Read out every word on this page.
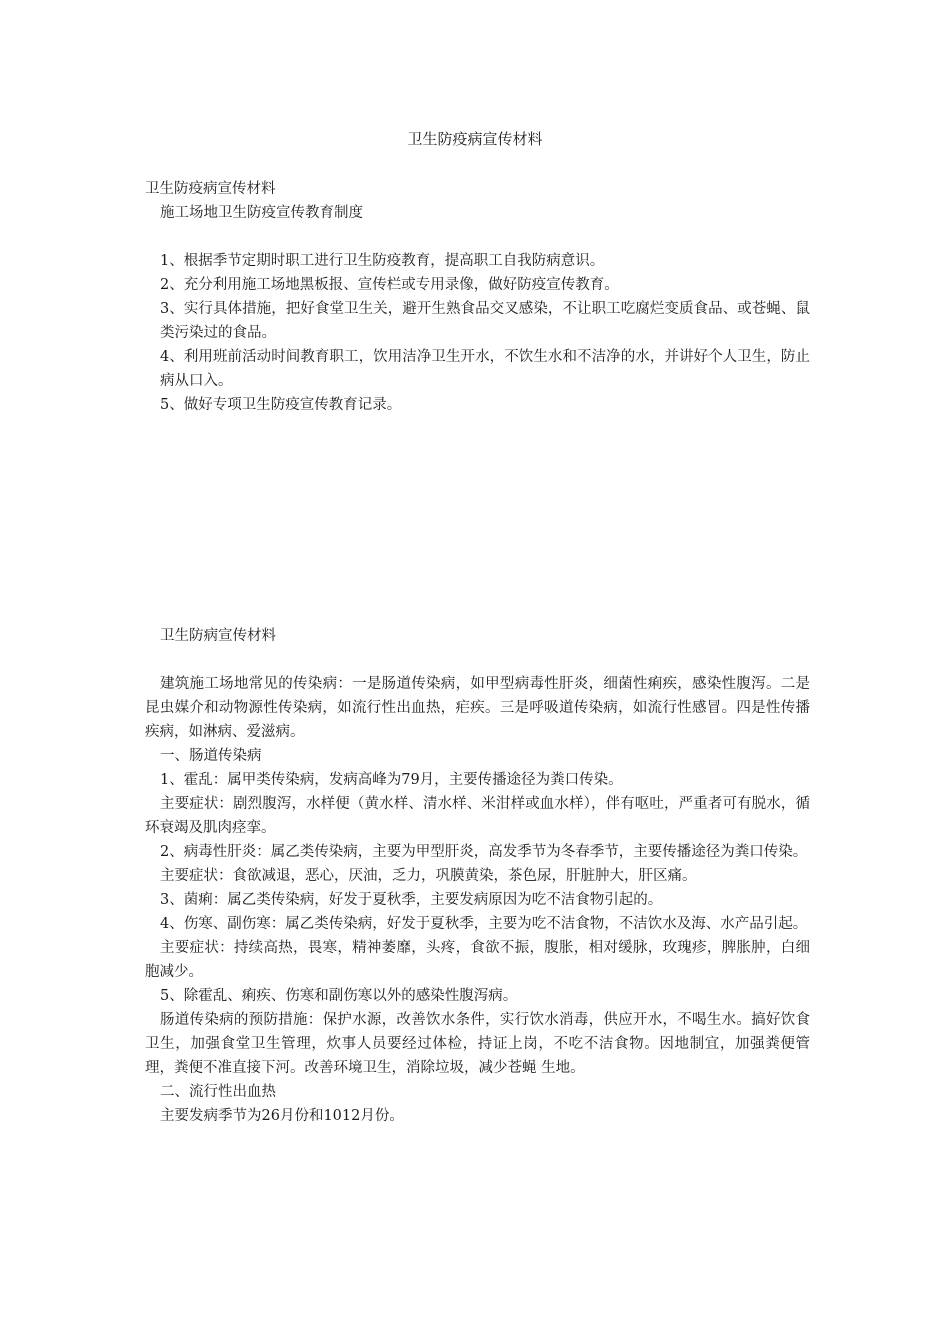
卫生防疫病宣传材料
卫生防疫病宣传材料
施工场地卫生防疫宣传教育制度

1、根据季节定期时职工进行卫生防疫教育，提高职工自我防病意识。

2、充分利用施工场地黑板报、宣传栏或专用录像，做好防疫宣传教育。

3、实行具体措施，把好食堂卫生关，避开生熟食品交叉感染，不让职工吃腐烂变质食品、或苍蝇、鼠类污染过的食品。

4、利用班前活动时间教育职工，饮用洁净卫生开水，不饮生水和不洁净的水，并讲好个人卫生，防止病从口入。

5、做好专项卫生防疫宣传教育记录。

卫生防病宣传材料

建筑施工场地常见的传染病：一是肠道传染病，如甲型病毒性肝炎，细菌性痢疾，感染性腹泻。二是昆虫媒介和动物源性传染病，如流行性出血热，疟疾。三是呼吸道传染病，如流行性感冒。四是性传播疾病，如淋病、爱滋病。

一、肠道传染病

1、霍乱：属甲类传染病，发病高峰为79月，主要传播途径为粪口传染。

主要症状：剧烈腹泻，水样便（黄水样、清水样、米泔样或血水样），伴有呕吐，严重者可有脱水，循环衰竭及肌肉痉挛。

2、病毒性肝炎：属乙类传染病，主要为甲型肝炎，高发季节为冬春季节，主要传播途径为粪口传染。

主要症状：食欲减退，恶心，厌油，乏力，巩膜黄染，茶色尿，肝脏肿大，肝区痛。

3、菌痢：属乙类传染病，好发于夏秋季，主要发病原因为吃不洁食物引起的。

4、伤寒、副伤寒：属乙类传染病，好发于夏秋季，主要为吃不洁食物，不洁饮水及海、水产品引起。

主要症状：持续高热，畏寒，精神萎靡，头疼，食欲不振，腹胀，相对缓脉，玫瑰疹，脾胀肿，白细胞减少。

5、除霍乱、痢疾、伤寒和副伤寒以外的感染性腹泻病。

肠道传染病的预防措施：保护水源，改善饮水条件，实行饮水消毒，供应开水，不喝生水。搞好饮食卫生，加强食堂卫生管理，炊事人员要经过体检，持证上岗，不吃不洁食物。因地制宜，加强粪便管理，粪便不准直接下河。改善环境卫生，消除垃圾，减少苍蝇 生地。

二、流行性出血热

主要发病季节为26月份和1012月份。
